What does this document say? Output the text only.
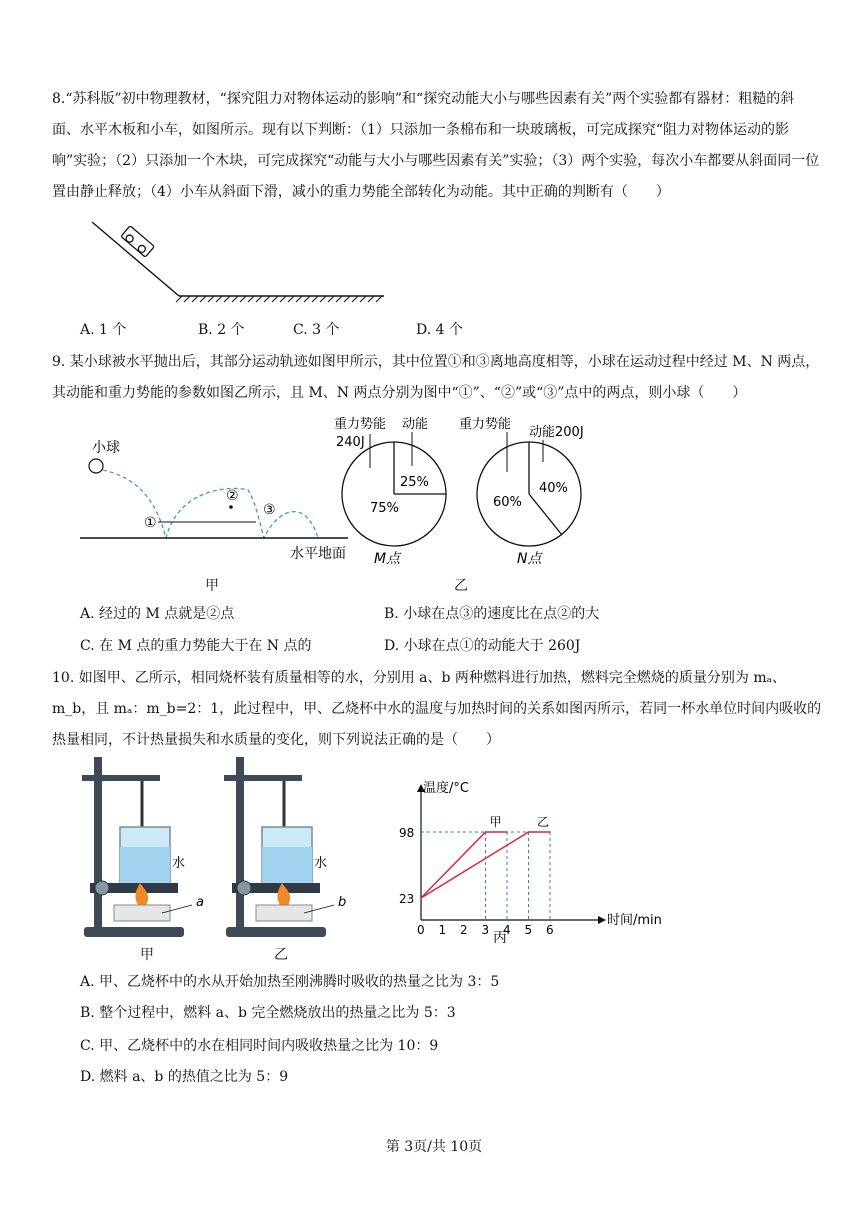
8.“苏科版”初中物理教材，“探究阻力对物体运动的影响”和“探究动能大小与哪些因素有关”两个实验都有器材：粗糙的斜面、水平木板和小车，如图所示。现有以下判断：（1）只添加一条棉布和一块玻璃板，可完成探究“阻力对物体运动的影响”实验；（2）只添加一个木块，可完成探究“动能与大小与哪些因素有关”实验；（3）两个实验，每次小车都要从斜面同一位置由静止释放；（4）小车从斜面下滑，减小的重力势能全部转化为动能。其中正确的判断有（　　）
A. 1 个	B. 2 个	C. 3 个	D. 4 个
9. 某小球被水平抛出后，其部分运动轨迹如图甲所示，其中位置①和③离地高度相等，小球在运动过程中经过 M、N 两点，其动能和重力势能的参数如图乙所示，且 M、N 两点分别为图中“①”、“②”或“③”点中的两点，则小球（　　）
小球
①
②
③
水平地面
甲
重力势能
240J
动能
25%
75%
M点
重力势能
动能200J
40%
60%
N点
乙
A. 经过的 M 点就是②点	B. 小球在点③的速度比在点②的大
C. 在 M 点的重力势能大于在 N 点的	D. 小球在点①的动能大于 260J
10. 如图甲、乙所示，相同烧杯装有质量相等的水，分别用 a、b 两种燃料进行加热，燃料完全燃烧的质量分别为 mₐ、m_b，且 mₐ：m_b=2：1，此过程中，甲、乙烧杯中水的温度与加热时间的关系如图丙所示，若同一杯水单位时间内吸收的热量相同，不计热量损失和水质量的变化，则下列说法正确的是（　　）
水
a
甲
水
b
乙
0 1 2 3 4 5 6
98
23
甲	乙
温度/°C
时间/min
丙
A. 甲、乙烧杯中的水从开始加热至刚沸腾时吸收的热量之比为 3：5
B. 整个过程中，燃料 a、b 完全燃烧放出的热量之比为 5：3
C. 甲、乙烧杯中的水在相同时间内吸收热量之比为 10：9
D. 燃料 a、b 的热值之比为 5：9
第 3页/共 10页
